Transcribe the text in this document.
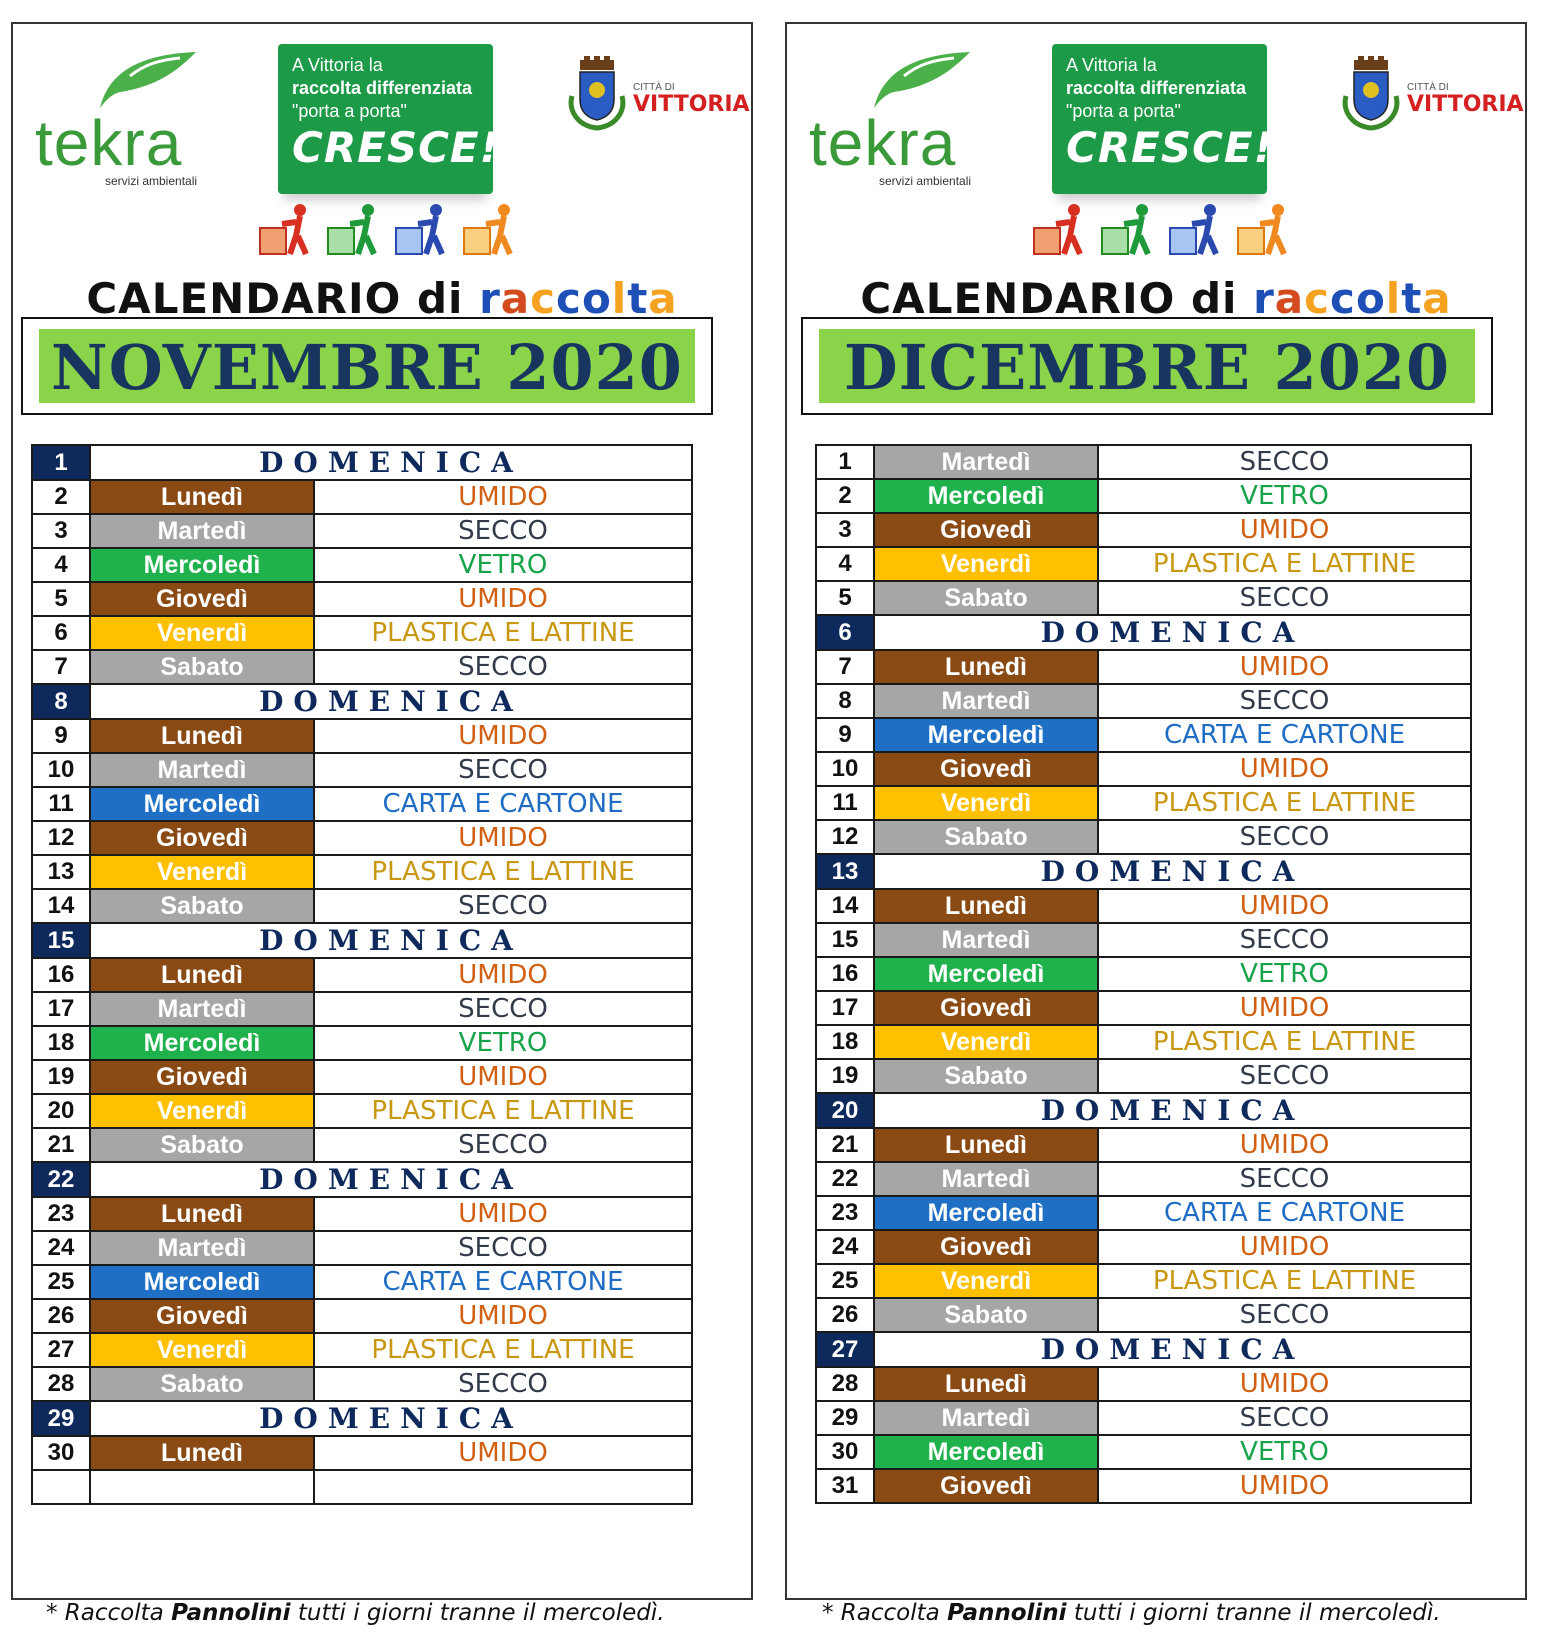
tekra
servizi ambientali
A Vittoria la
raccolta differenziata
"porta a porta"
CRESCE!
CITTÀ DI
VITTORIA
CALENDARIO di raccolta
NOVEMBRE 2020
1	DOMENICA	
2	Lunedì	UMIDO
3	Martedì	SECCO
4	Mercoledì	VETRO
5	Giovedì	UMIDO
6	Venerdì	PLASTICA E LATTINE
7	Sabato	SECCO
8	DOMENICA	
9	Lunedì	UMIDO
10	Martedì	SECCO
11	Mercoledì	CARTA E CARTONE
12	Giovedì	UMIDO
13	Venerdì	PLASTICA E LATTINE
14	Sabato	SECCO
15	DOMENICA	
16	Lunedì	UMIDO
17	Martedì	SECCO
18	Mercoledì	VETRO
19	Giovedì	UMIDO
20	Venerdì	PLASTICA E LATTINE
21	Sabato	SECCO
22	DOMENICA	
23	Lunedì	UMIDO
24	Martedì	SECCO
25	Mercoledì	CARTA E CARTONE
26	Giovedì	UMIDO
27	Venerdì	PLASTICA E LATTINE
28	Sabato	SECCO
29	DOMENICA	
30	Lunedì	UMIDO

tekra
servizi ambientali
A Vittoria la
raccolta differenziata
"porta a porta"
CRESCE!
CITTÀ DI
VITTORIA
CALENDARIO di raccolta
DICEMBRE 2020
1	Martedì	SECCO
2	Mercoledì	VETRO
3	Giovedì	UMIDO
4	Venerdì	PLASTICA E LATTINE
5	Sabato	SECCO
6	DOMENICA	
7	Lunedì	UMIDO
8	Martedì	SECCO
9	Mercoledì	CARTA E CARTONE
10	Giovedì	UMIDO
11	Venerdì	PLASTICA E LATTINE
12	Sabato	SECCO
13	DOMENICA	
14	Lunedì	UMIDO
15	Martedì	SECCO
16	Mercoledì	VETRO
17	Giovedì	UMIDO
18	Venerdì	PLASTICA E LATTINE
19	Sabato	SECCO
20	DOMENICA	
21	Lunedì	UMIDO
22	Martedì	SECCO
23	Mercoledì	CARTA E CARTONE
24	Giovedì	UMIDO
25	Venerdì	PLASTICA E LATTINE
26	Sabato	SECCO
27	DOMENICA	
28	Lunedì	UMIDO
29	Martedì	SECCO
30	Mercoledì	VETRO
31	Giovedì	UMIDO
* Raccolta Pannolini tutti i giorni tranne il mercoledì.	* Raccolta Pannolini tutti i giorni tranne il mercoledì.
